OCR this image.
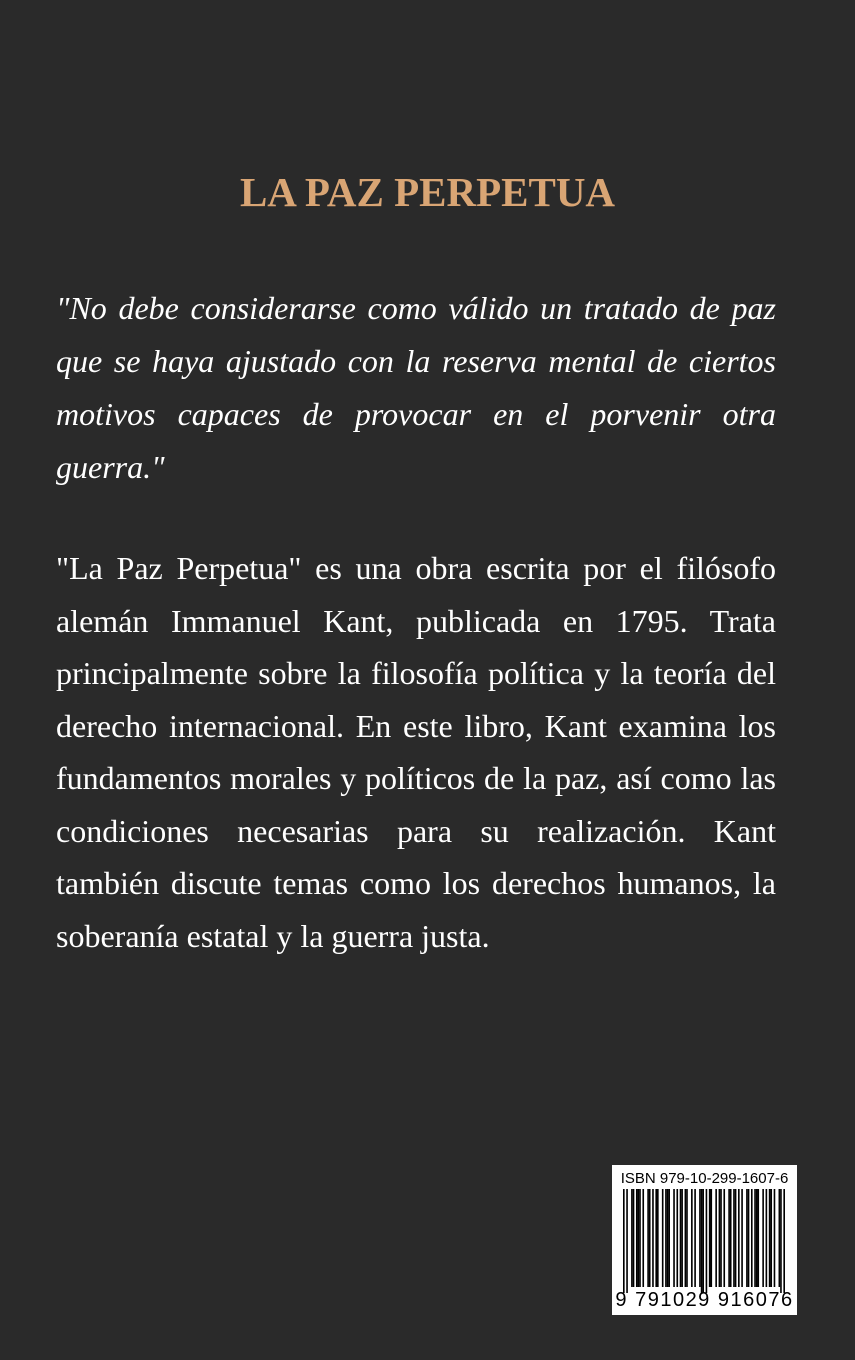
LA PAZ PERPETUA

"No debe considerarse como válido un tratado de paz que se haya ajustado con la reserva mental de ciertos motivos capaces de provocar en el porvenir otra guerra."

"La Paz Perpetua" es una obra escrita por el filósofo alemán Immanuel Kant, publicada en 1795. Trata principalmente sobre la filosofía política y la teoría del derecho internacional. En este libro, Kant examina los fundamentos morales y políticos de la paz, así como las condiciones necesarias para su realización. Kant también discute temas como los derechos humanos, la soberanía estatal y la guerra justa.

ISBN 979-10-299-1607-6
9 791029 916076
